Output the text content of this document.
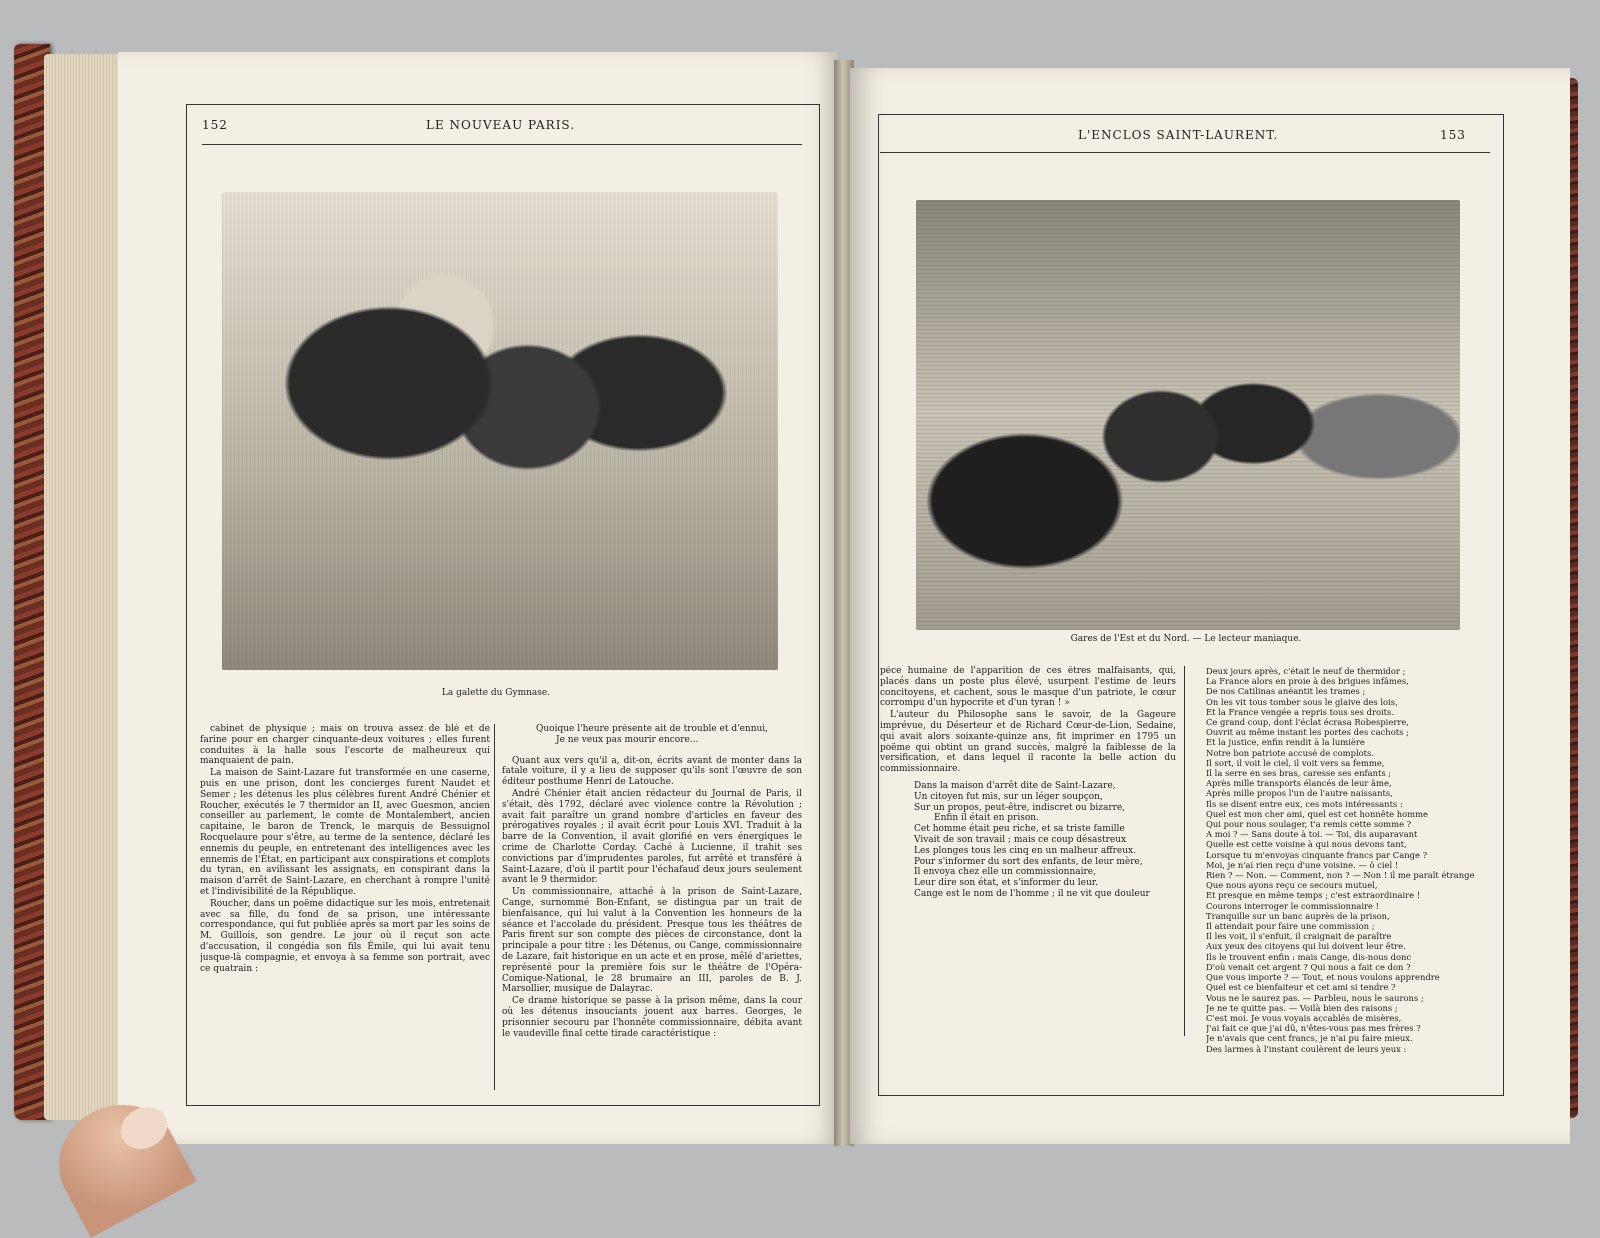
152	LE NOUVEAU PARIS.
La galette du Gymnase.

cabinet de physique ; mais on trouva assez de blé et de farine pour en charger cinquante-deux voitures ; elles furent conduites à la halle sous l'escorte de malheureux qui manquaient de pain.

La maison de Saint-Lazare fut transformée en une caserne, puis en une prison, dont les concierges furent Naudet et Semer ; les détenus les plus célèbres furent André Chénier et Roucher, exécutés le 7 thermidor an II, avec Guesmon, ancien conseiller au parlement, le comte de Montalembert, ancien capitaine, le baron de Trenck, le marquis de Bessuignol Rocquelaure pour s'être, au terme de la sentence, déclaré les ennemis du peuple, en entretenant des intelligences avec les ennemis de l'État, en participant aux conspirations et complots du tyran, en avilissant les assignats, en conspirant dans la maison d'arrêt de Saint-Lazare, en cherchant à rompre l'unité et l'indivisibilité de la République.

Roucher, dans un poëme didactique sur les mois, entretenait avec sa fille, du fond de sa prison, une intéressante correspondance, qui fut publiée après sa mort par les soins de M. Guillois, son gendre. Le jour où il reçut son acte d'accusation, il congédia son fils Émile, qui lui avait tenu jusque-là compagnie, et envoya à sa femme son portrait, avec ce quatrain :

Quoique l'heure présente ait de trouble et d'ennui,
Je ne veux pas mourir encore...

Quant aux vers qu'il a, dit-on, écrits avant de monter dans la fatale voiture, il y a lieu de supposer qu'ils sont l'œuvre de son éditeur posthume Henri de Latouche.

André Chénier était ancien rédacteur du Journal de Paris, il s'était, dès 1792, déclaré avec violence contre la Révolution ; avait fait paraître un grand nombre d'articles en faveur des prérogatives royales ; il avait écrit pour Louis XVI. Traduit à la barre de la Convention, il avait glorifié en vers énergiques le crime de Charlotte Corday. Caché à Lucienne, il trahit ses convictions par d'imprudentes paroles, fut arrêté et transféré à Saint-Lazare, d'où il partit pour l'échafaud deux jours seulement avant le 9 thermidor.

Un commissionnaire, attaché à la prison de Saint-Lazare, Cange, surnommé Bon-Enfant, se distingua par un trait de bienfaisance, qui lui valut à la Convention les honneurs de la séance et l'accolade du président. Presque tous les théâtres de Paris firent sur son compte des pièces de circonstance, dont la principale a pour titre : les Détenus, ou Cange, commissionnaire de Lazare, fait historique en un acte et en prose, mêlé d'ariettes, représenté pour la première fois sur le théâtre de l'Opéra-Comique-National, le 28 brumaire an III, paroles de B. J. Marsollier, musique de Dalayrac.

Ce drame historique se passe à la prison même, dans la cour où les détenus insouciants jouent aux barres. Georges, le prisonnier secouru par l'honnête commissionnaire, débita avant le vaudeville final cette tirade caractéristique :

L'ENCLOS SAINT-LAURENT.	153
Gares de l'Est et du Nord. — Le lecteur maniaque.

pèce humaine de l'apparition de ces êtres malfaisants, qui, placés dans un poste plus élevé, usurpent l'estime de leurs concitoyens, et cachent, sous le masque d'un patriote, le cœur corrompu d'un hypocrite et d'un tyran ! »

L'auteur du Philosophe sans le savoir, de la Gageure imprévue, du Déserteur et de Richard Cœur-de-Lion, Sedaine, qui avait alors soixante-quinze ans, fit imprimer en 1795 un poëme qui obtint un grand succès, malgré la faiblesse de la versification, et dans lequel il raconte la belle action du commissionnaire.

Dans la maison d'arrêt dite de Saint-Lazare,
Un citoyen fut mis, sur un léger soupçon,
Sur un propos, peut-être, indiscret ou bizarre,
Enfin il était en prison.
Cet homme était peu riche, et sa triste famille
Vivait de son travail ; mais ce coup désastreux
Les plonges tous les cinq en un malheur affreux.
Pour s'informer du sort des enfants, de leur mère,
Il envoya chez elle un commissionnaire,
Leur dire son état, et s'informer du leur.
Cange est le nom de l'homme ; il ne vit que douleur
Deux jours après, c'était le neuf de thermidor ;
La France alors en proie à des brigues infâmes,
De nos Catilinas anéantit les trames ;
On les vit tous tomber sous le glaive des lois,
Et la France vengée a repris tous ses droits.
Ce grand coup, dont l'éclat écrasa Robespierre,
Ouvrit au même instant les portes des cachots ;
Et la justice, enfin rendit à la lumière
Notre bon patriote accusé de complots.
Il sort, il voit le ciel, il voit vers sa femme,
Il la serre en ses bras, caresse ses enfants ;
Après mille transports élancés de leur âme,
Après mille propos l'un de l'autre naissants,
Ils se disent entre eux, ces mots intéressants :
Quel est mon cher ami, quel est cet honnête homme
Qui pour nous soulager, t'a remis cette somme ?
A moi ? — Sans doute à toi. — Toi, dis auparavant
Quelle est cette voisine à qui nous devons tant,
Lorsque tu m'envoyas cinquante francs par Cange ?
Moi, je n'ai rien reçu d'une voisine. — ô ciel !
Rien ? — Non. — Comment, non ? — Non ! il me paraît étrange
Que nous ayons reçu ce secours mutuel,
Et presque en même temps ; c'est extraordinaire !
Courons interroger le commissionnaire !
Tranquille sur un banc auprès de la prison,
Il attendait pour faire une commission ;
Il les voit, il s'enfuit, il craignait de paraître
Aux yeux des citoyens qui lui doivent leur être.
Ils le trouvent enfin : mais Cange, dis-nous donc
D'où venait cet argent ? Qui nous a fait ce don ?
Que vous importe ? — Tout, et nous voulons apprendre
Quel est ce bienfaiteur et cet ami si tendre ?
Vous ne le saurez pas. — Parbleu, nous le saurons ;
Je ne te quitte pas. — Voilà bien des raisons ;
C'est moi. Je vous voyais accablés de misères,
J'ai fait ce que j'ai dû, n'êtes-vous pas mes frères ?
Je n'avais que cent francs, je n'ai pu faire mieux.
Des larmes à l'instant coulèrent de leurs yeux :
